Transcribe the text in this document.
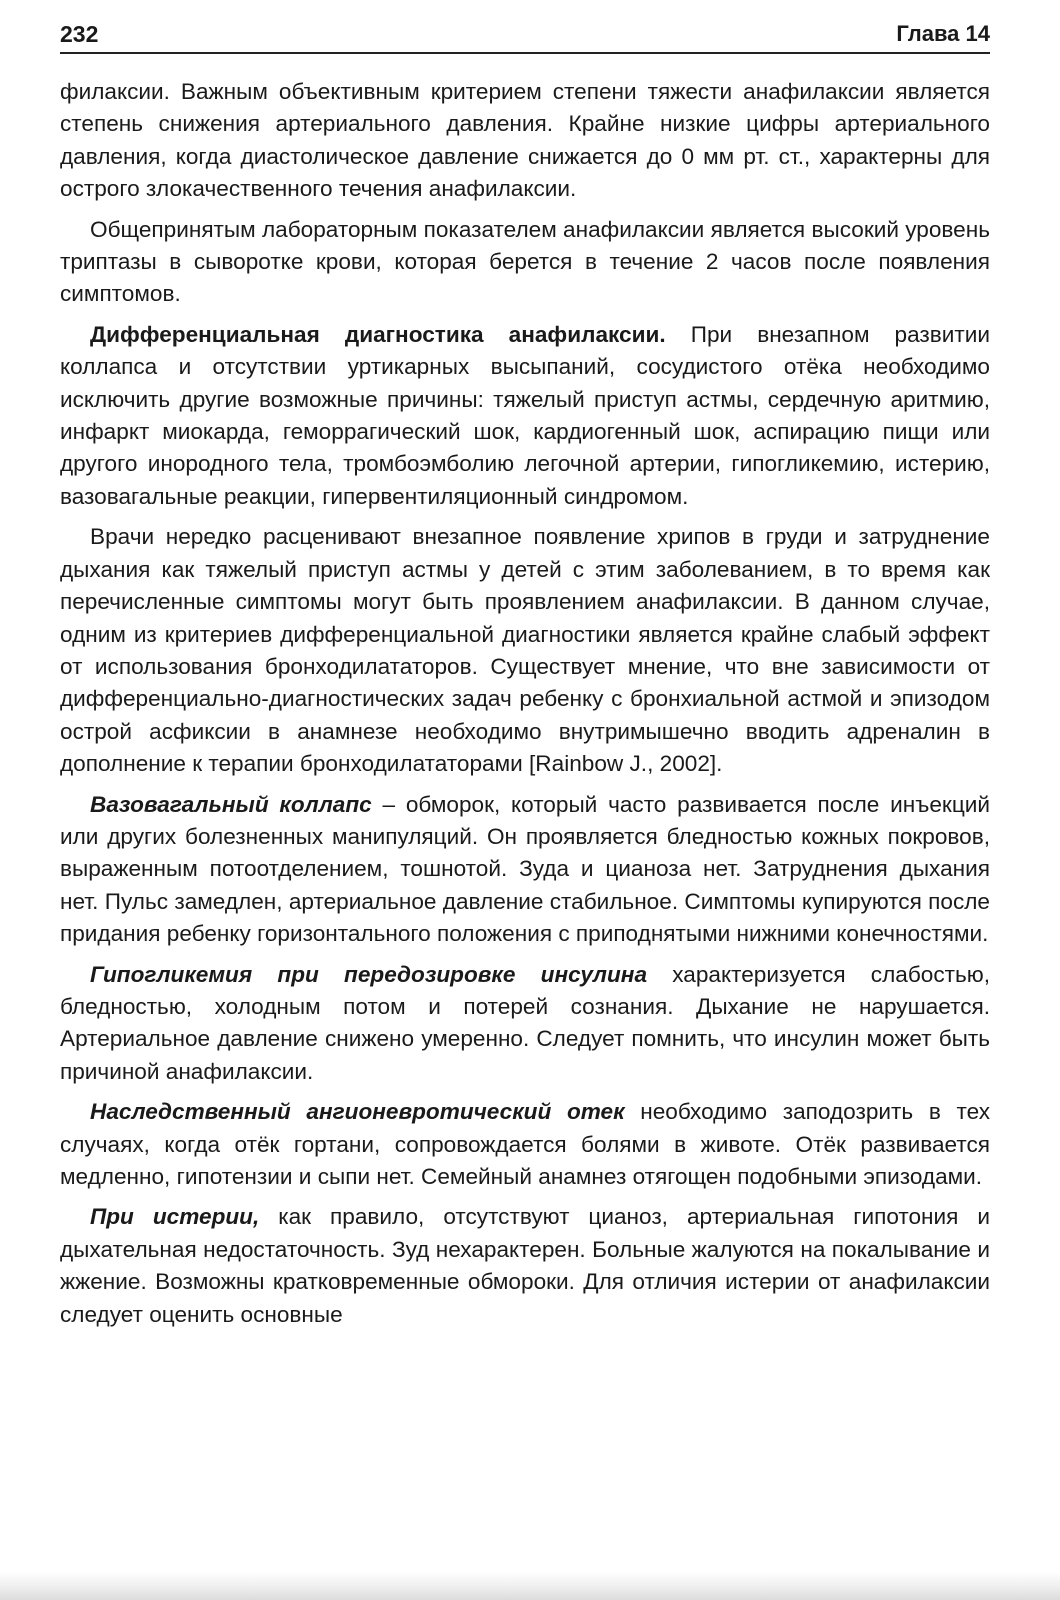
232	Глава 14

филаксии. Важным объективным критерием степени тяжести анафилаксии является степень снижения артериального давления. Крайне низкие цифры артериального давления, когда диастолическое давление снижается до 0 мм рт. ст., характерны для острого злокачественного течения анафилаксии.

Общепринятым лабораторным показателем анафилаксии является высокий уровень триптазы в сыворотке крови, которая берется в течение 2 часов после появления симптомов.

Дифференциальная диагностика анафилаксии. При внезапном развитии коллапса и отсутствии уртикарных высыпаний, сосудистого отёка необходимо исключить другие возможные причины: тяжелый приступ астмы, сердечную аритмию, инфаркт миокарда, геморрагический шок, кардиогенный шок, аспирацию пищи или другого инородного тела, тромбоэмболию легочной артерии, гипогликемию, истерию, вазовагальные реакции, гипервентиляционный синдромом.

Врачи нередко расценивают внезапное появление хрипов в груди и затруднение дыхания как тяжелый приступ астмы у детей с этим заболеванием, в то время как перечисленные симптомы могут быть проявлением анафилаксии. В данном случае, одним из критериев дифференциальной диагностики является крайне слабый эффект от использования бронходилататоров. Существует мнение, что вне зависимости от дифференциально-диагностических задач ребенку с бронхиальной астмой и эпизодом острой асфиксии в анамнезе необходимо внутримышечно вводить адреналин в дополнение к терапии бронходилататорами [Rainbow J., 2002].

Вазовагальный коллапс – обморок, который часто развивается после инъекций или других болезненных манипуляций. Он проявляется бледностью кожных покровов, выраженным потоотделением, тошнотой. Зуда и цианоза нет. Затруднения дыхания нет. Пульс замедлен, артериальное давление стабильное. Симптомы купируются после придания ребенку горизонтального положения с приподнятыми нижними конечностями.

Гипогликемия при передозировке инсулина характеризуется слабостью, бледностью, холодным потом и потерей сознания. Дыхание не нарушается. Артериальное давление снижено умеренно. Следует помнить, что инсулин может быть причиной анафилаксии.

Наследственный ангионевротический отек необходимо заподозрить в тех случаях, когда отёк гортани, сопровождается болями в животе. Отёк развивается медленно, гипотензии и сыпи нет. Семейный анамнез отягощен подобными эпизодами.

При истерии, как правило, отсутствуют цианоз, артериальная гипотония и дыхательная недостаточность. Зуд нехарактерен. Больные жалуются на покалывание и жжение. Возможны кратковременные обмороки. Для отличия истерии от анафилаксии следует оценить основные
